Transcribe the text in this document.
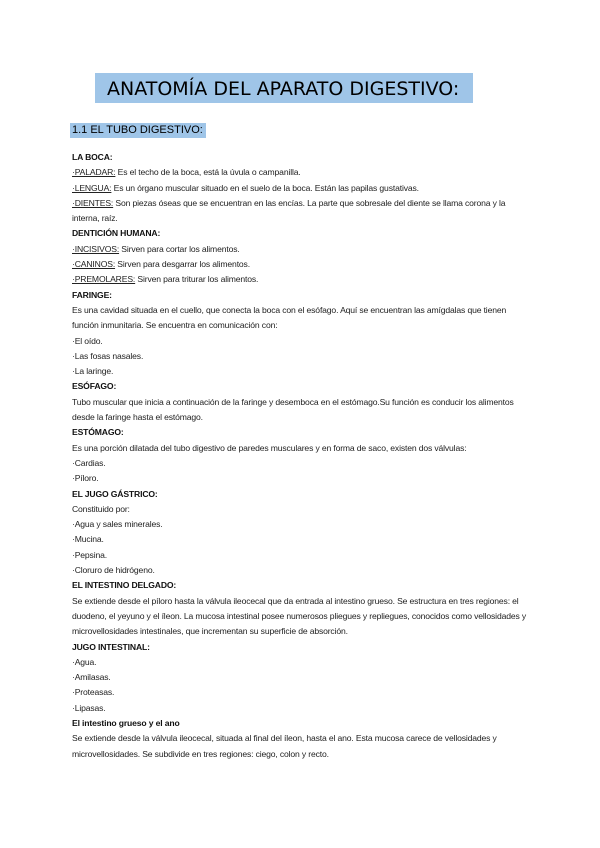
ANATOMÍA DEL APARATO DIGESTIVO:
1.1 EL TUBO DIGESTIVO:

LA BOCA:

·PALADAR: Es el techo de la boca, está la úvula o campanilla.

·LENGUA: Es un órgano muscular situado en el suelo de la boca. Están las papilas gustativas.

·DIENTES: Son piezas óseas que se encuentran en las encías. La parte que sobresale del diente se llama corona y la interna, raíz.

DENTICIÓN HUMANA:

·INCISIVOS: Sirven para cortar los alimentos.

·CANINOS: Sirven para desgarrar los alimentos.

·PREMOLARES: Sirven para triturar los alimentos.

FARINGE:

Es una cavidad situada en el cuello, que conecta la boca con el esófago. Aquí se encuentran las amígdalas que tienen función inmunitaria. Se encuentra en comunicación con:

·El oído.

·Las fosas nasales.

·La laringe.

ESÓFAGO:

Tubo muscular que inicia a continuación de la faringe y desemboca en el estómago.Su función es conducir los alimentos desde la faringe hasta el estómago.

ESTÓMAGO:

Es una porción dilatada del tubo digestivo de paredes musculares y en forma de saco, existen dos válvulas:

·Cardias.

·Píloro.

EL JUGO GÁSTRICO:

Constituido por:

·Agua y sales minerales.

·Mucina.

·Pepsina.

·Cloruro de hidrógeno.

EL INTESTINO DELGADO:

Se extiende desde el píloro hasta la válvula ileocecal que da entrada al intestino grueso. Se estructura en tres regiones: el duodeno, el yeyuno y el íleon. La mucosa intestinal posee numerosos pliegues y repliegues, conocidos como vellosidades y microvellosidades intestinales, que incrementan su superficie de absorción.

JUGO INTESTINAL:

·Agua.

·Amilasas.

·Proteasas.

·Lipasas.

El intestino grueso y el ano

Se extiende desde la válvula ileocecal, situada al final del íleon, hasta el ano. Esta mucosa carece de vellosidades y microvellosidades. Se subdivide en tres regiones: ciego, colon y recto.
